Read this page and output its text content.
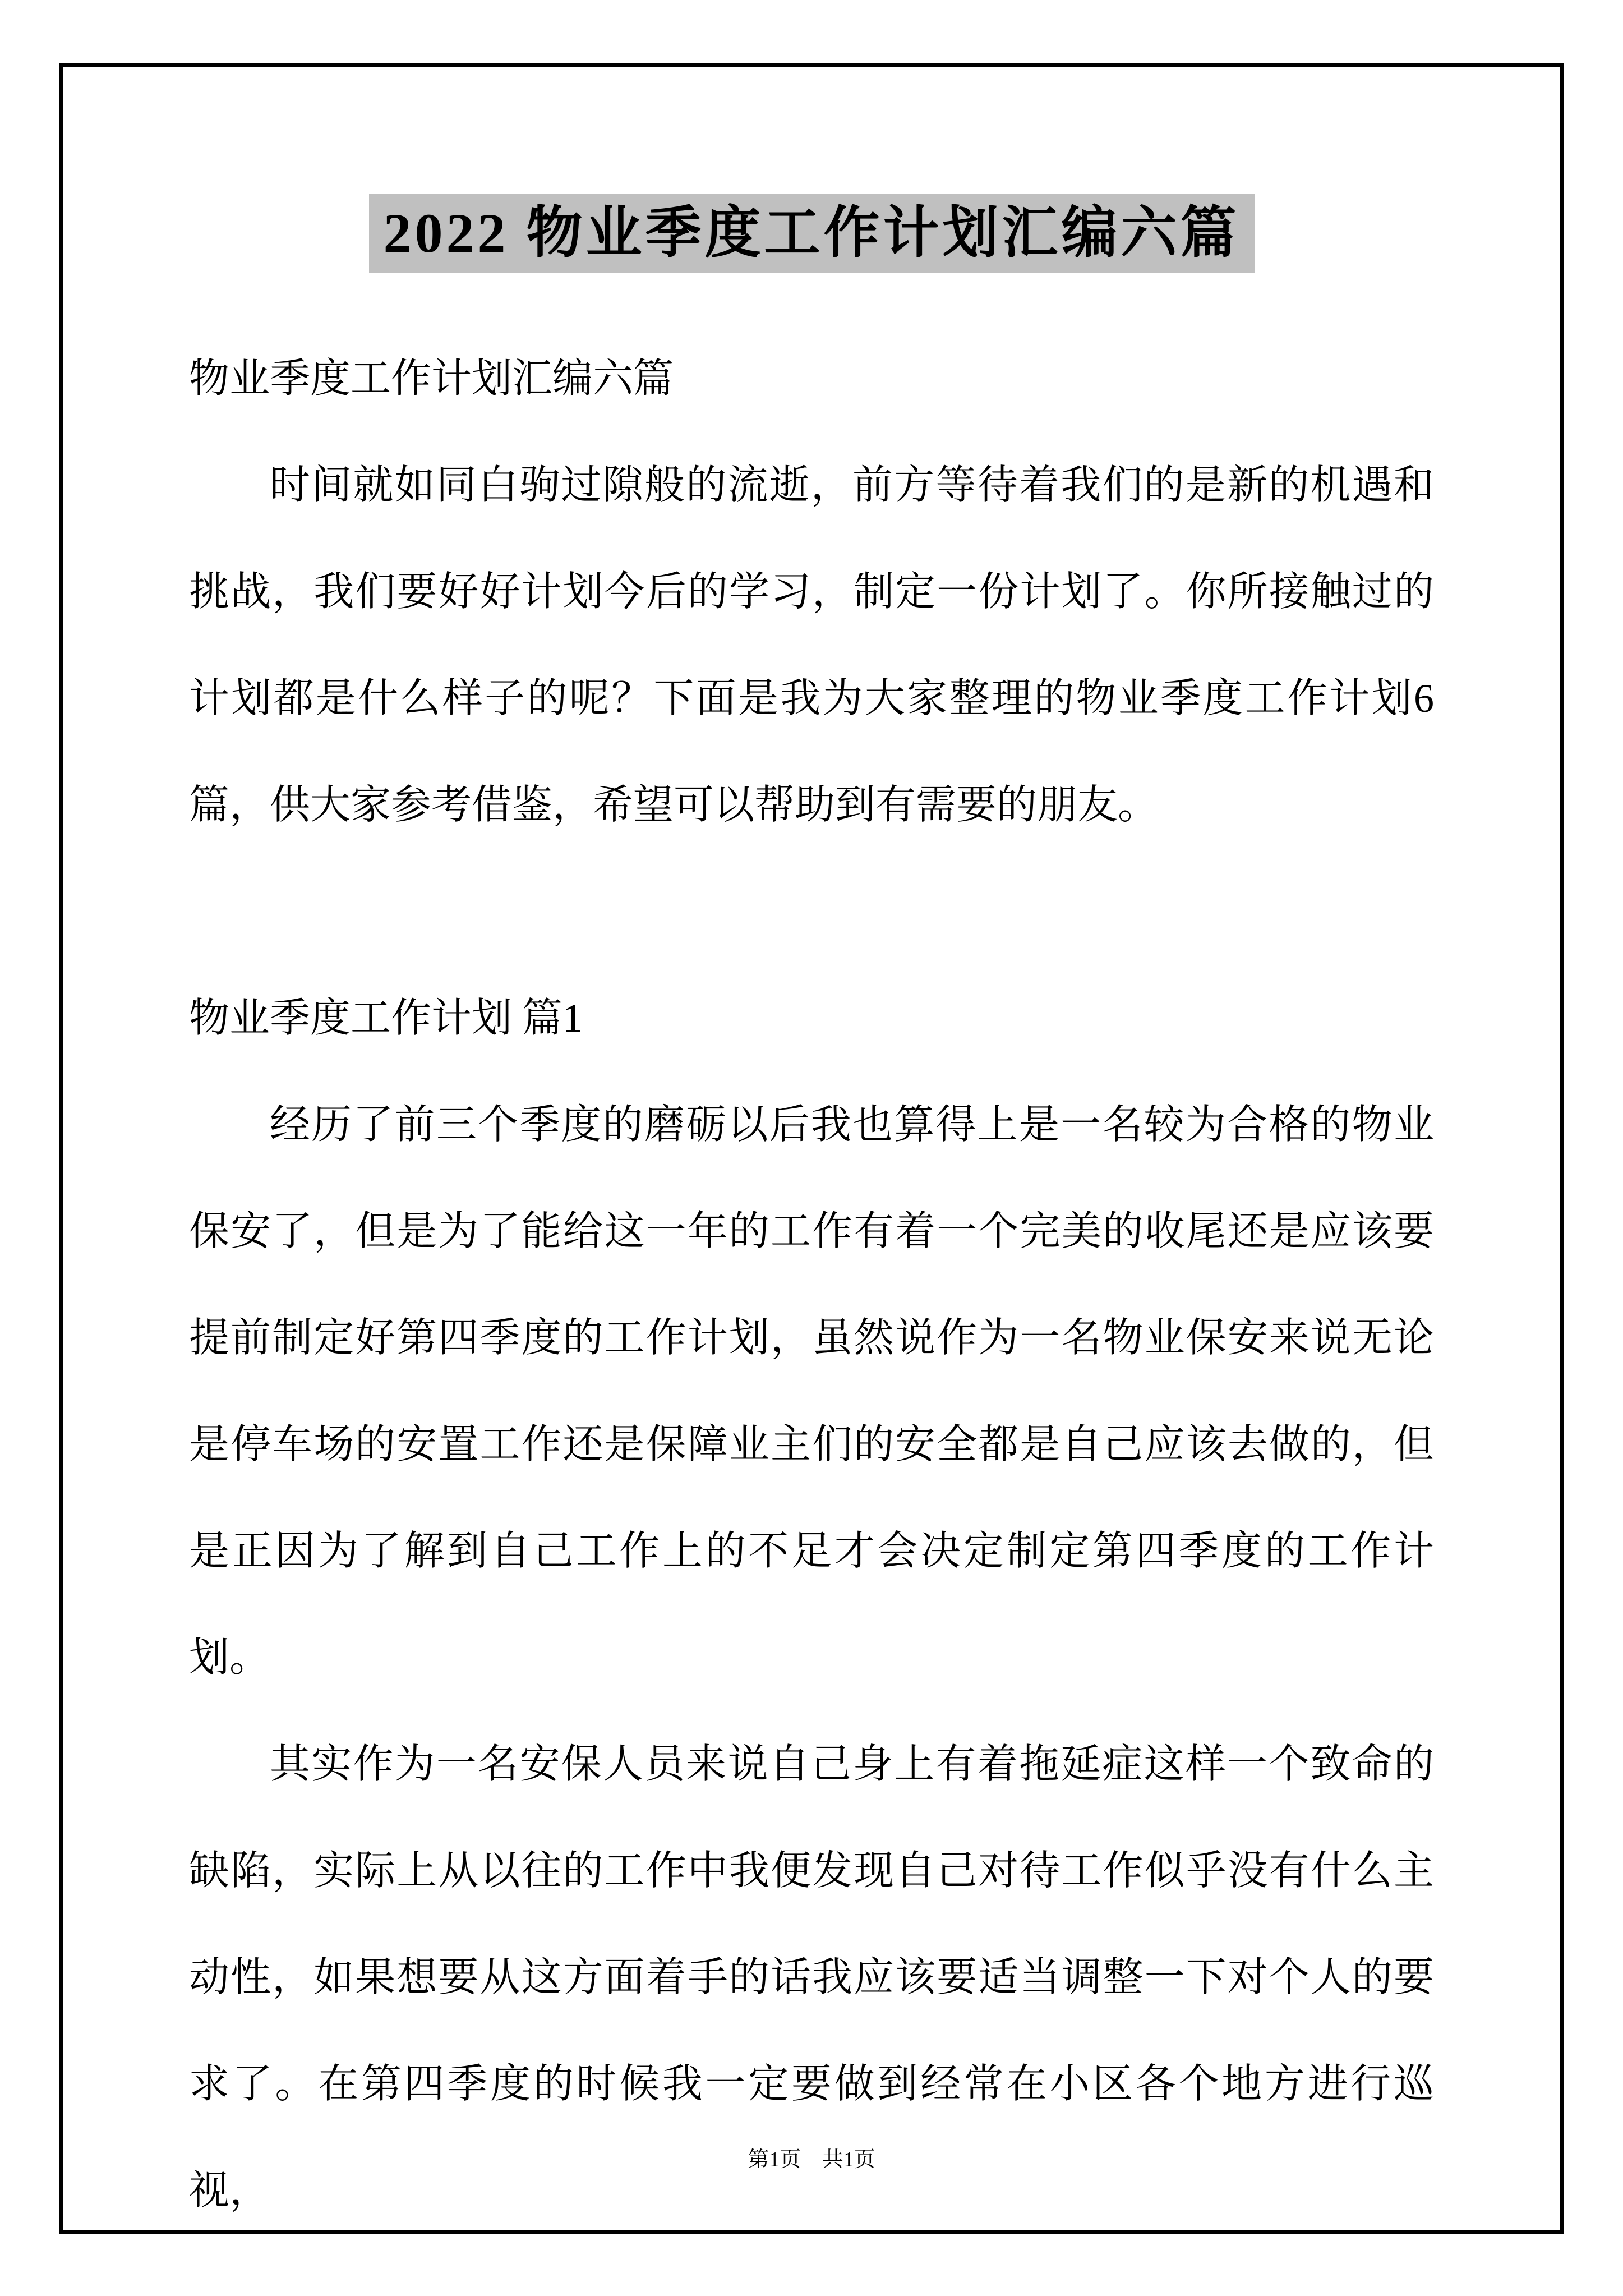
2022 物业季度工作计划汇编六篇

物业季度工作计划汇编六篇

时间就如同白驹过隙般的流逝，前方等待着我们的是新的机遇和挑战，我们要好好计划今后的学习，制定一份计划了。你所接触过的计划都是什么样子的呢？下面是我为大家整理的物业季度工作计划6篇，供大家参考借鉴，希望可以帮助到有需要的朋友。

物业季度工作计划 篇1

经历了前三个季度的磨砺以后我也算得上是一名较为合格的物业保安了，但是为了能给这一年的工作有着一个完美的收尾还是应该要提前制定好第四季度的工作计划，虽然说作为一名物业保安来说无论是停车场的安置工作还是保障业主们的安全都是自己应该去做的，但是正因为了解到自己工作上的不足才会决定制定第四季度的工作计划。

其实作为一名安保人员来说自己身上有着拖延症这样一个致命的缺陷，实际上从以往的工作中我便发现自己对待工作似乎没有什么主动性，如果想要从这方面着手的话我应该要适当调整一下对个人的要求了。在第四季度的时候我一定要做到经常在小区各个地方进行巡视，

第1页 共1页
